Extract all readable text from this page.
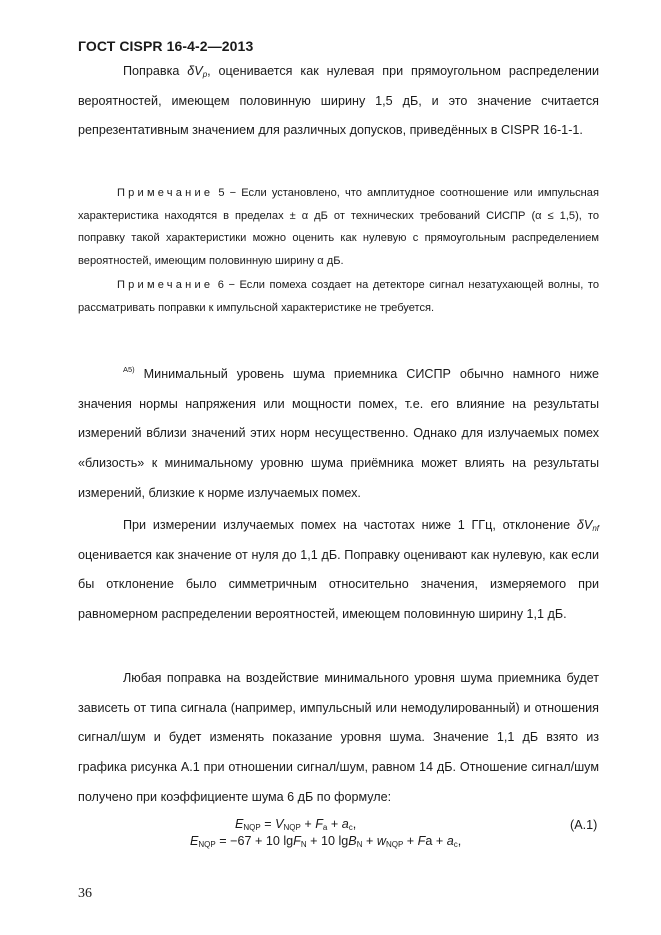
ГОСТ CISPR 16-4-2—2013

Поправка $\delta V_p$, оценивается как нулевая при прямоугольном распределении вероятностей, имеющем половинную ширину 1,5 дБ, и это значение считается репрезентативным значением для различных допусков, приведённых в CISPR 16-1-1.

Примечание 5 − Если установлено, что амплитудное соотношение или импульсная характеристика находятся в пределах ± α дБ от технических требований СИСПР (α ≤ 1,5), то поправку такой характеристики можно оценить как нулевую с прямоугольным распределением вероятностей, имеющим половинную ширину α дБ.

Примечание 6 − Если помеха создает на детекторе сигнал незатухающей волны, то рассматривать поправки к импульсной характеристике не требуется.

$^{A5)}$ Минимальный уровень шума приемника СИСПР обычно намного ниже значения нормы напряжения или мощности помех, т.е. его влияние на результаты измерений вблизи значений этих норм несущественно. Однако для излучаемых помех «близость» к минимальному уровню шума приёмника может влиять на результаты измерений, близкие к норме излучаемых помех.

При измерении излучаемых помех на частотах ниже 1 ГГц, отклонение $\delta V_{nf}$ оценивается как значение от нуля до 1,1 дБ. Поправку оценивают как нулевую, как если бы отклонение было симметричным относительно значения, измеряемого при равномерном распределении вероятностей, имеющем половинную ширину 1,1 дБ.

Любая поправка на воздействие минимального уровня шума приемника будет зависеть от типа сигнала (например, импульсный или немодулированный) и отношения сигнал/шум и будет изменять показание уровня шума. Значение 1,1 дБ взято из графика рисунка А.1 при отношении сигнал/шум, равном 14 дБ. Отношение сигнал/шум получено при коэффициенте шума 6 дБ по формуле:

$E_{NQP} = V_{NQP} + F_a + a_c$,	(A.1)
$E_{NQP} = -67 + 10$ lgF$_N$ + 10 $\lg B_N + w_{NQP} + Fa + a_c$,
36
